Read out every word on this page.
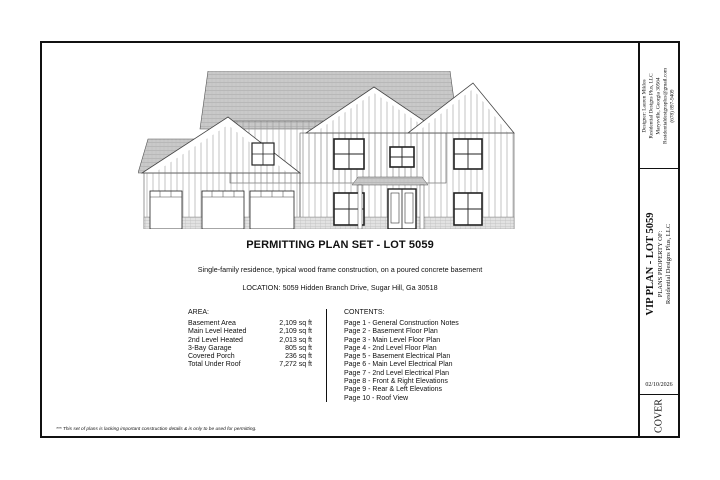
PERMITTING PLAN SET - LOT 5059
Single-family residence, typical wood frame construction, on a poured concrete basement
LOCATION: 5059 Hidden Branch Drive, Sugar Hill, Ga 30518
AREA:
Basement Area	2,109 sq ft
Main Level Heated	2,109 sq ft
2nd Level Heated	2,013 sq ft
3-Bay Garage	805 sq ft
Covered Porch	236 sq ft
Total Under Roof	7,272 sq ft
CONTENTS:
Page 1 - General Construction Notes
Page 2 - Basement Floor Plan
Page 3 - Main Level Floor Plan
Page 4 - 2nd Level Floor Plan
Page 5 - Basement Electrical Plan
Page 6 - Main Level Electrical Plan
Page 7 - 2nd Level Electrical Plan
Page 8 - Front & Right Elevations
Page 9 - Rear & Left Elevations
Page 10 - Roof View
*** This set of plans is lacking important construction details & is only to be used for permitting.
Designer: Lauren Miklos Residential Designs Plus, LLC Marysville, Georgia 30564 Residentialdesignsplus@gmail.com (678) 897-9409
VIP PLAN - LOT 5059 PLANS PROPERTY OF: Residential Designs Plus, LLC
02/10/2026
COVER
